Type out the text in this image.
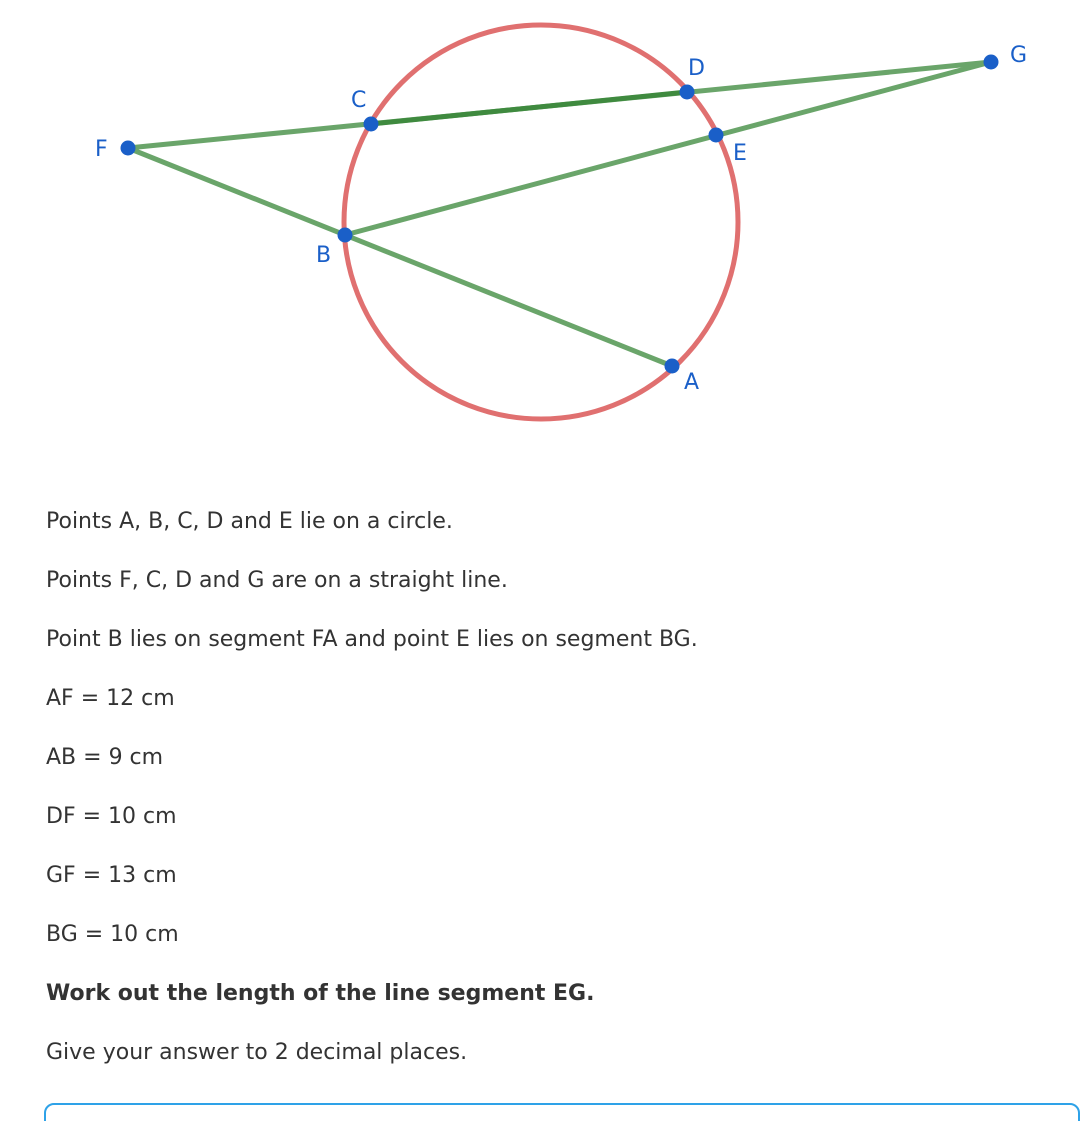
F
C
D
G
E
B
A

Points A, B, C, D and E lie on a circle.

Points F, C, D and G are on a straight line.

Point B lies on segment FA and point E lies on segment BG.

AF = 12 cm

AB = 9 cm

DF = 10 cm

GF = 13 cm

BG = 10 cm

Work out the length of the line segment EG.

Give your answer to 2 decimal places.
